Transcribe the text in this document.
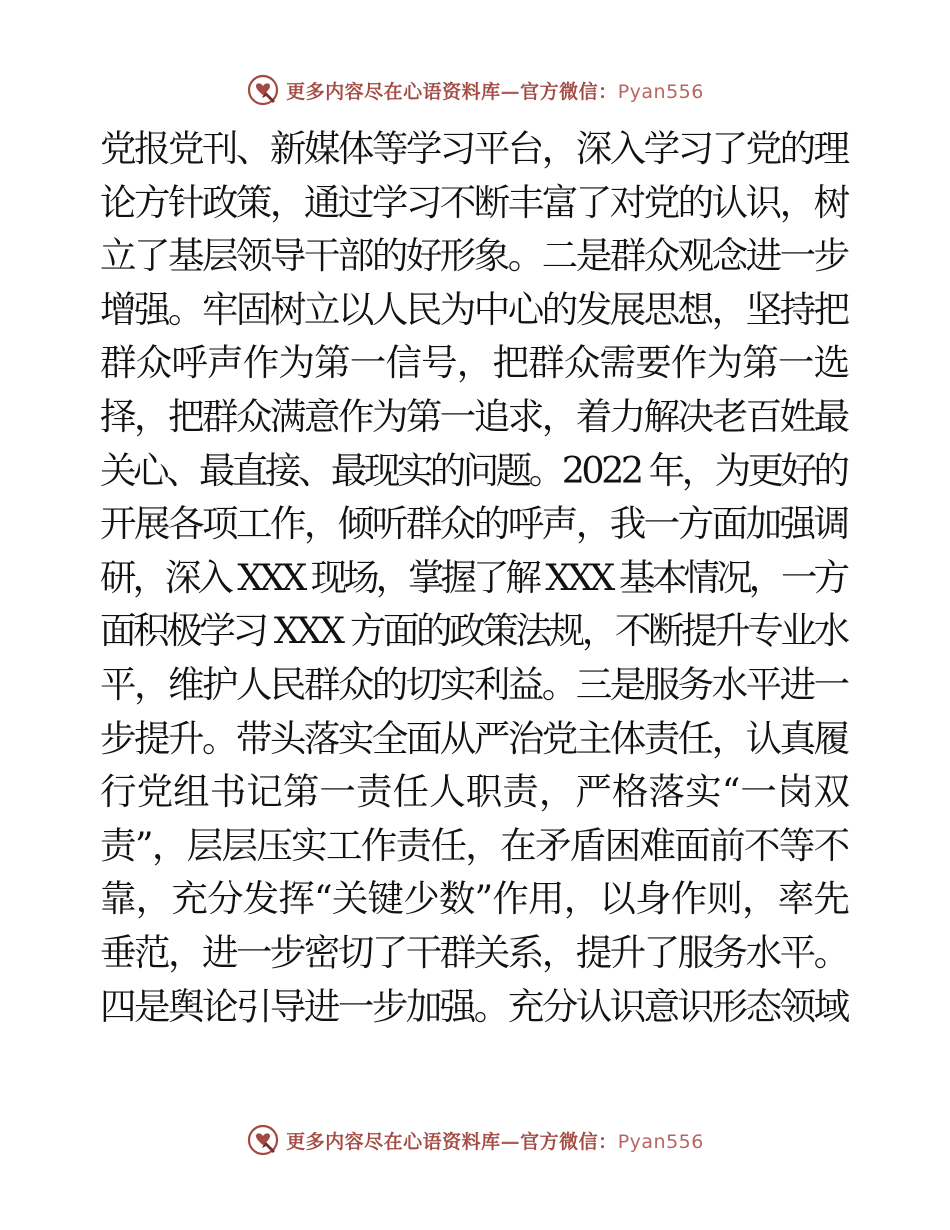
更多内容尽在心语资料库—官方微信：Pyan556
党报党刊、新媒体等学习平台，深入学习了党的理
论方针政策，通过学习不断丰富了对党的认识，树
立了基层领导干部的好形象。二是群众观念进一步
增强。牢固树立以人民为中心的发展思想，坚持把
群众呼声作为第一信号，把群众需要作为第一选
择，把群众满意作为第一追求，着力解决老百姓最
关心、最直接、最现实的问题。2022 年，为更好的
开展各项工作，倾听群众的呼声，我一方面加强调
研，深入 XXX 现场，掌握了解 XXX 基本情况，一方
面积极学习 XXX 方面的政策法规，不断提升专业水
平，维护人民群众的切实利益。三是服务水平进一
步提升。带头落实全面从严治党主体责任，认真履
行党组书记第一责任人职责，严格落实“一岗双
责”，层层压实工作责任，在矛盾困难面前不等不
靠，充分发挥“关键少数”作用，以身作则，率先
垂范，进一步密切了干群关系，提升了服务水平。
四是舆论引导进一步加强。充分认识意识形态领域
更多内容尽在心语资料库—官方微信：Pyan556
